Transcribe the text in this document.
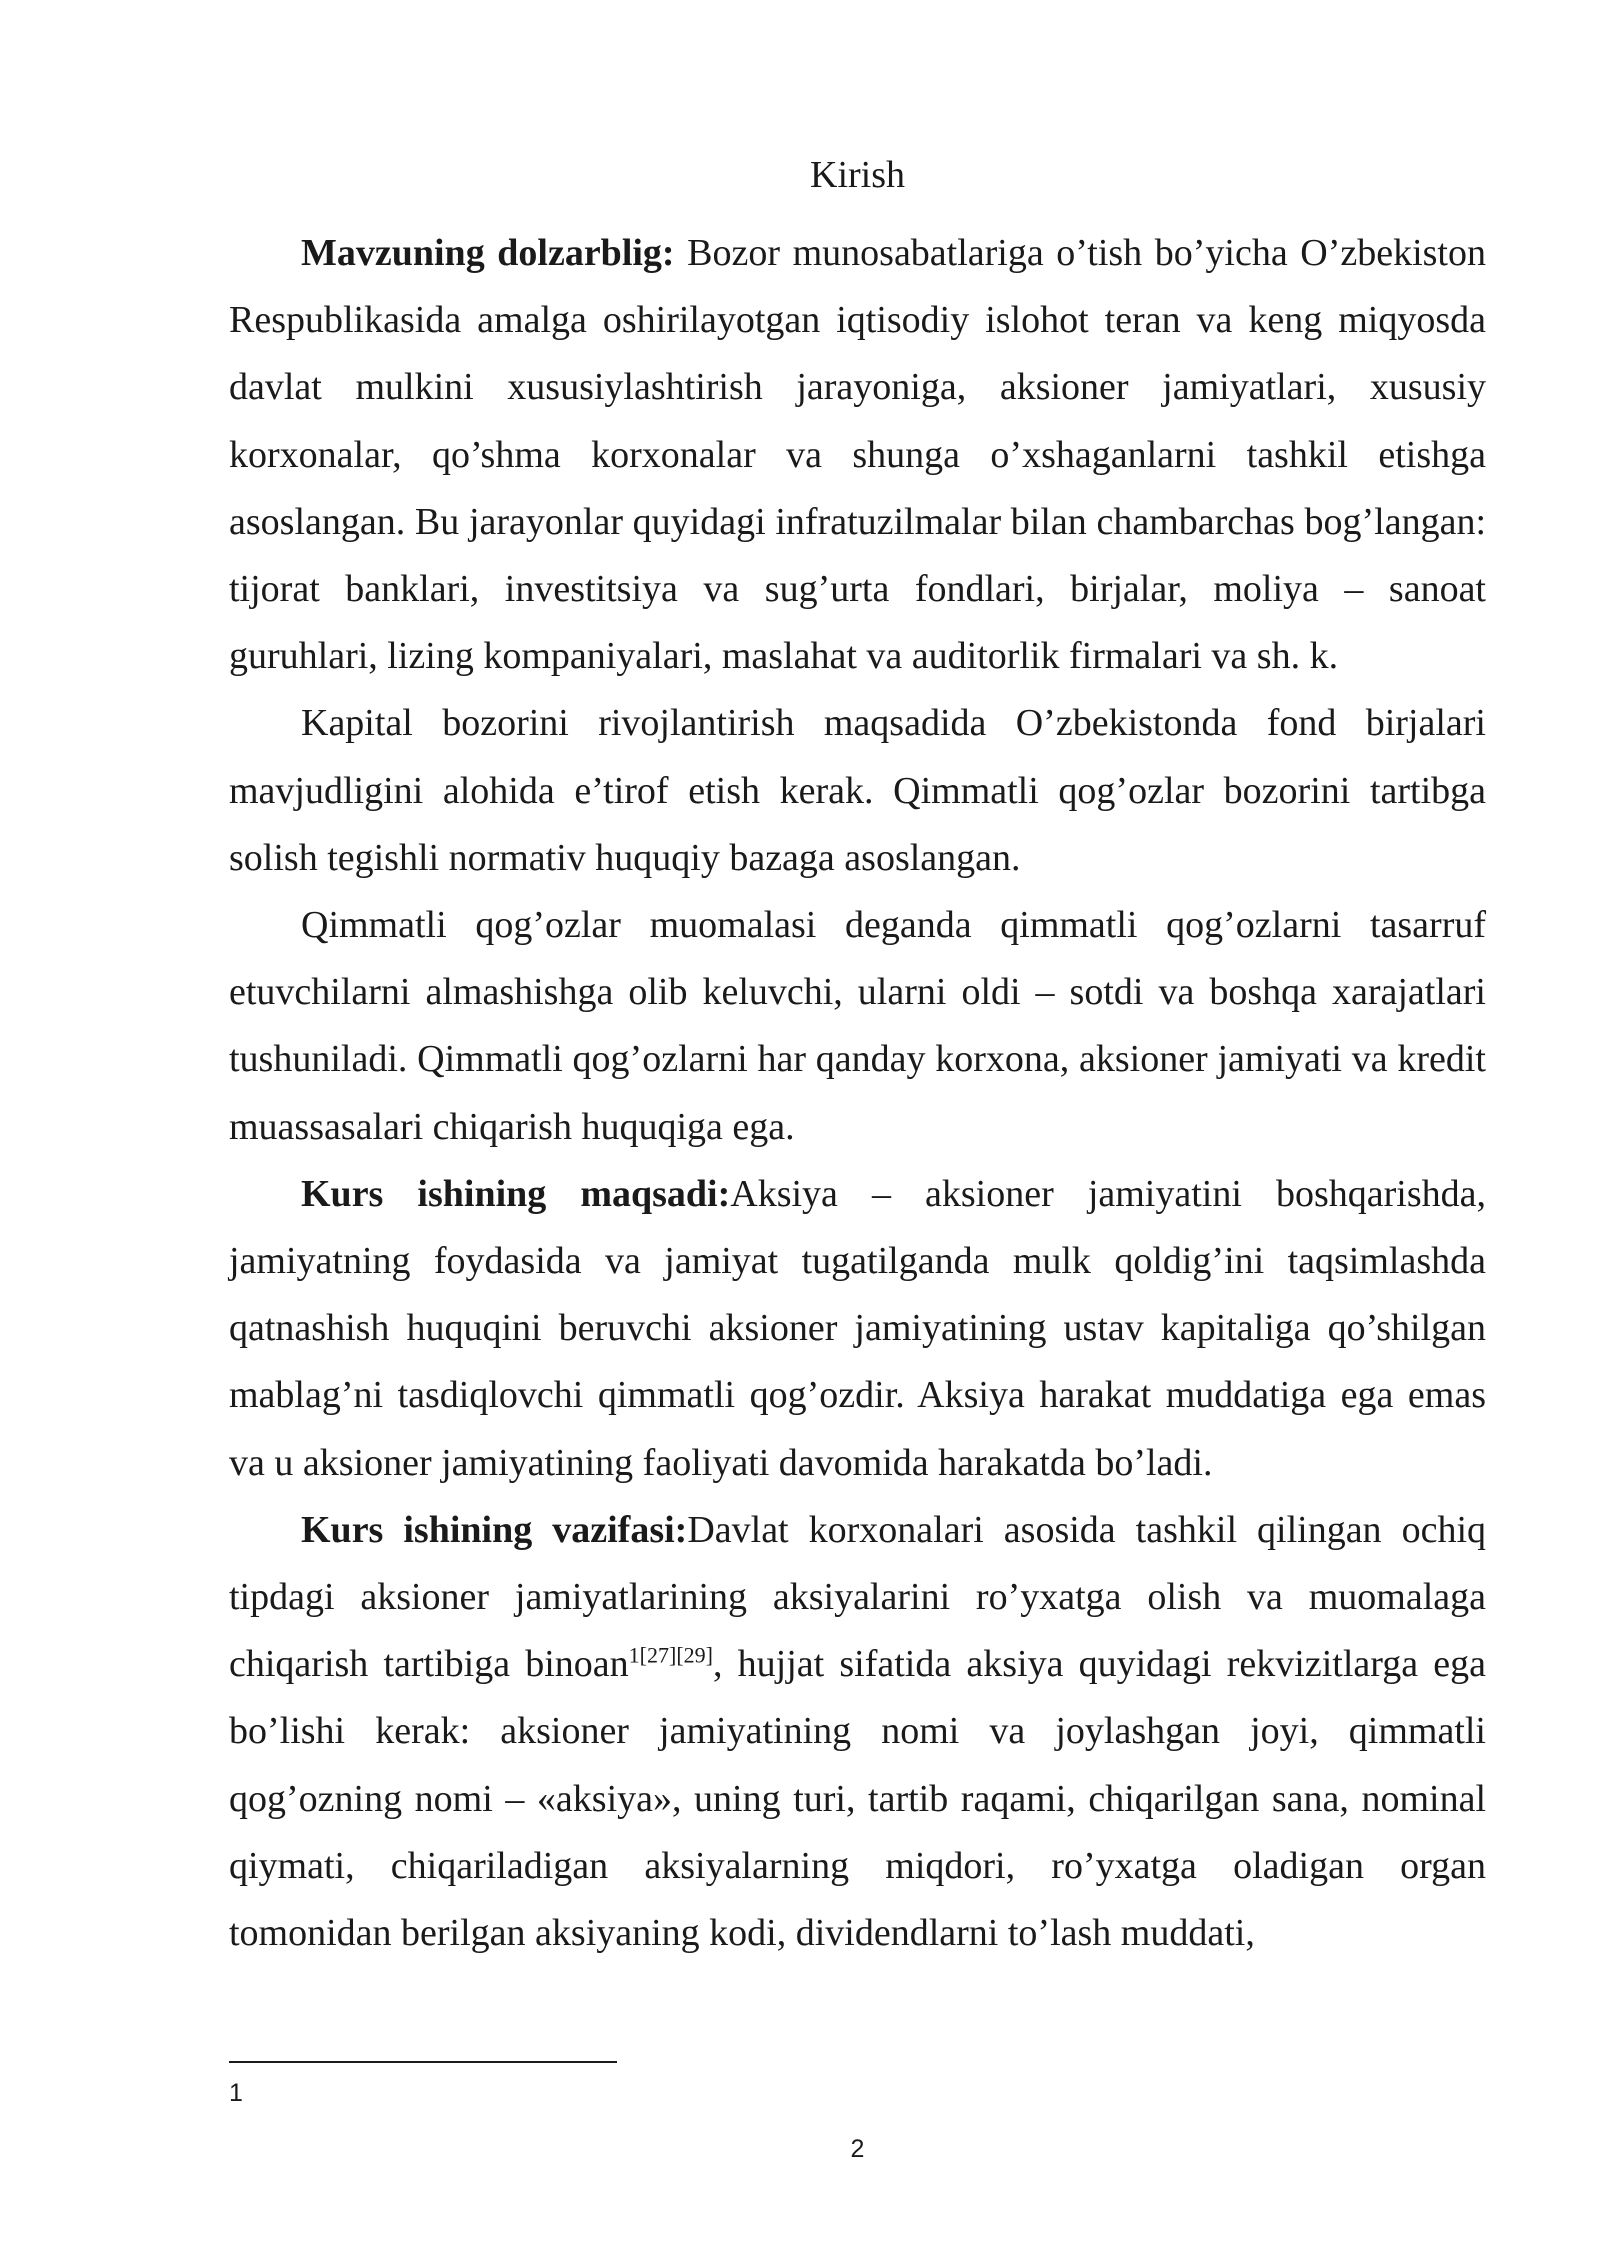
Kirish

Mavzuning dolzarblig: Bozor munosabatlariga o’tish bo’yicha O’zbekiston Respublikasida amalga oshirilayotgan iqtisodiy islohot teran va keng miqyosda davlat mulkini xususiylashtirish jarayoniga, aksioner jamiyatlari, xususiy korxonalar, qo’shma korxonalar va shunga o’xshaganlarni tashkil etishga asoslangan. Bu jarayonlar quyidagi infratuzilmalar bilan chambarchas bog’langan: tijorat banklari, investitsiya va sug’urta fondlari, birjalar, moliya – sanoat guruhlari, lizing kompaniyalari, maslahat va auditorlik firmalari va sh. k.

Kapital bozorini rivojlantirish maqsadida O’zbekistonda fond birjalari mavjudligini alohida e’tirof etish kerak. Qimmatli qog’ozlar bozorini tartibga solish tegishli normativ huquqiy bazaga asoslangan.

Qimmatli qog’ozlar muomalasi deganda qimmatli qog’ozlarni tasarruf etuvchilarni almashishga olib keluvchi, ularni oldi – sotdi va boshqa xarajatlari tushuniladi. Qimmatli qog’ozlarni har qanday korxona, aksioner jamiyati va kredit muassasalari chiqarish huquqiga ega.

Kurs ishining maqsadi:Aksiya – aksioner jamiyatini boshqarishda, jamiyatning foydasida va jamiyat tugatilganda mulk qoldig’ini taqsimlashda qatnashish huquqini beruvchi aksioner jamiyatining ustav kapitaliga qo’shilgan mablag’ni tasdiqlovchi qimmatli qog’ozdir. Aksiya harakat muddatiga ega emas va u aksioner jamiyatining faoliyati davomida harakatda bo’ladi.

Kurs ishining vazifasi:Davlat korxonalari asosida tashkil qilingan ochiq tipdagi aksioner jamiyatlarining aksiyalarini ro’yxatga olish va muomalaga chiqarish tartibiga binoan$^{1[27][29]}$, hujjat sifatida aksiya quyidagi rekvizitlarga ega bo’lishi kerak: aksioner jamiyatining nomi va joylashgan joyi, qimmatli qog’ozning nomi – «aksiya», uning turi, tartib raqami, chiqarilgan sana, nominal qiymati, chiqariladigan aksiyalarning miqdori, ro’yxatga oladigan organ tomonidan berilgan aksiyaning kodi, dividendlarni to’lash muddati,

1
2
